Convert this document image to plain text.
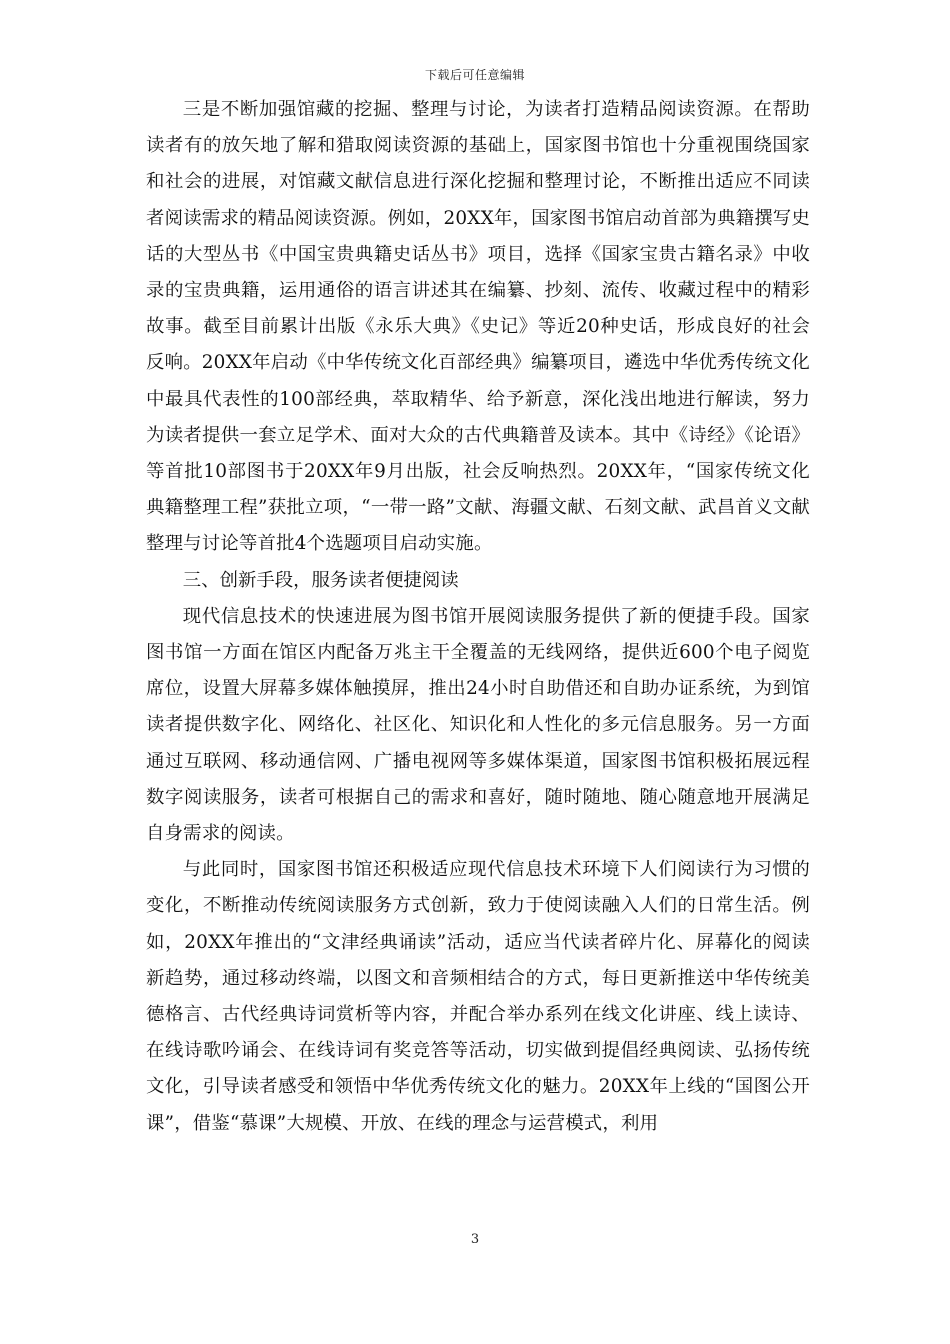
下载后可任意编辑

三是不断加强馆藏的挖掘、整理与讨论，为读者打造精品阅读资源。在帮助读者有的放矢地了解和猎取阅读资源的基础上，国家图书馆也十分重视围绕国家和社会的进展，对馆藏文献信息进行深化挖掘和整理讨论，不断推出适应不同读者阅读需求的精品阅读资源。例如，20XX年，国家图书馆启动首部为典籍撰写史话的大型丛书《中国宝贵典籍史话丛书》项目，选择《国家宝贵古籍名录》中收录的宝贵典籍，运用通俗的语言讲述其在编纂、抄刻、流传、收藏过程中的精彩故事。截至目前累计出版《永乐大典》《史记》等近20种史话，形成良好的社会反响。20XX年启动《中华传统文化百部经典》编纂项目，遴选中华优秀传统文化中最具代表性的100部经典，萃取精华、给予新意，深化浅出地进行解读，努力为读者提供一套立足学术、面对大众的古代典籍普及读本。其中《诗经》《论语》等首批10部图书于20XX年9月出版，社会反响热烈。20XX年，“国家传统文化典籍整理工程”获批立项，“一带一路”文献、海疆文献、石刻文献、武昌首义文献整理与讨论等首批4个选题项目启动实施。

三、创新手段，服务读者便捷阅读

现代信息技术的快速进展为图书馆开展阅读服务提供了新的便捷手段。国家图书馆一方面在馆区内配备万兆主干全覆盖的无线网络，提供近600个电子阅览席位，设置大屏幕多媒体触摸屏，推出24小时自助借还和自助办证系统，为到馆读者提供数字化、网络化、社区化、知识化和人性化的多元信息服务。另一方面通过互联网、移动通信网、广播电视网等多媒体渠道，国家图书馆积极拓展远程数字阅读服务，读者可根据自己的需求和喜好，随时随地、随心随意地开展满足自身需求的阅读。

与此同时，国家图书馆还积极适应现代信息技术环境下人们阅读行为习惯的变化，不断推动传统阅读服务方式创新，致力于使阅读融入人们的日常生活。例如，20XX年推出的“文津经典诵读”活动，适应当代读者碎片化、屏幕化的阅读新趋势，通过移动终端，以图文和音频相结合的方式，每日更新推送中华传统美德格言、古代经典诗词赏析等内容，并配合举办系列在线文化讲座、线上读诗、在线诗歌吟诵会、在线诗词有奖竞答等活动，切实做到提倡经典阅读、弘扬传统文化，引导读者感受和领悟中华优秀传统文化的魅力。20XX年上线的“国图公开课”，借鉴“慕课”大规模、开放、在线的理念与运营模式，利用

3
